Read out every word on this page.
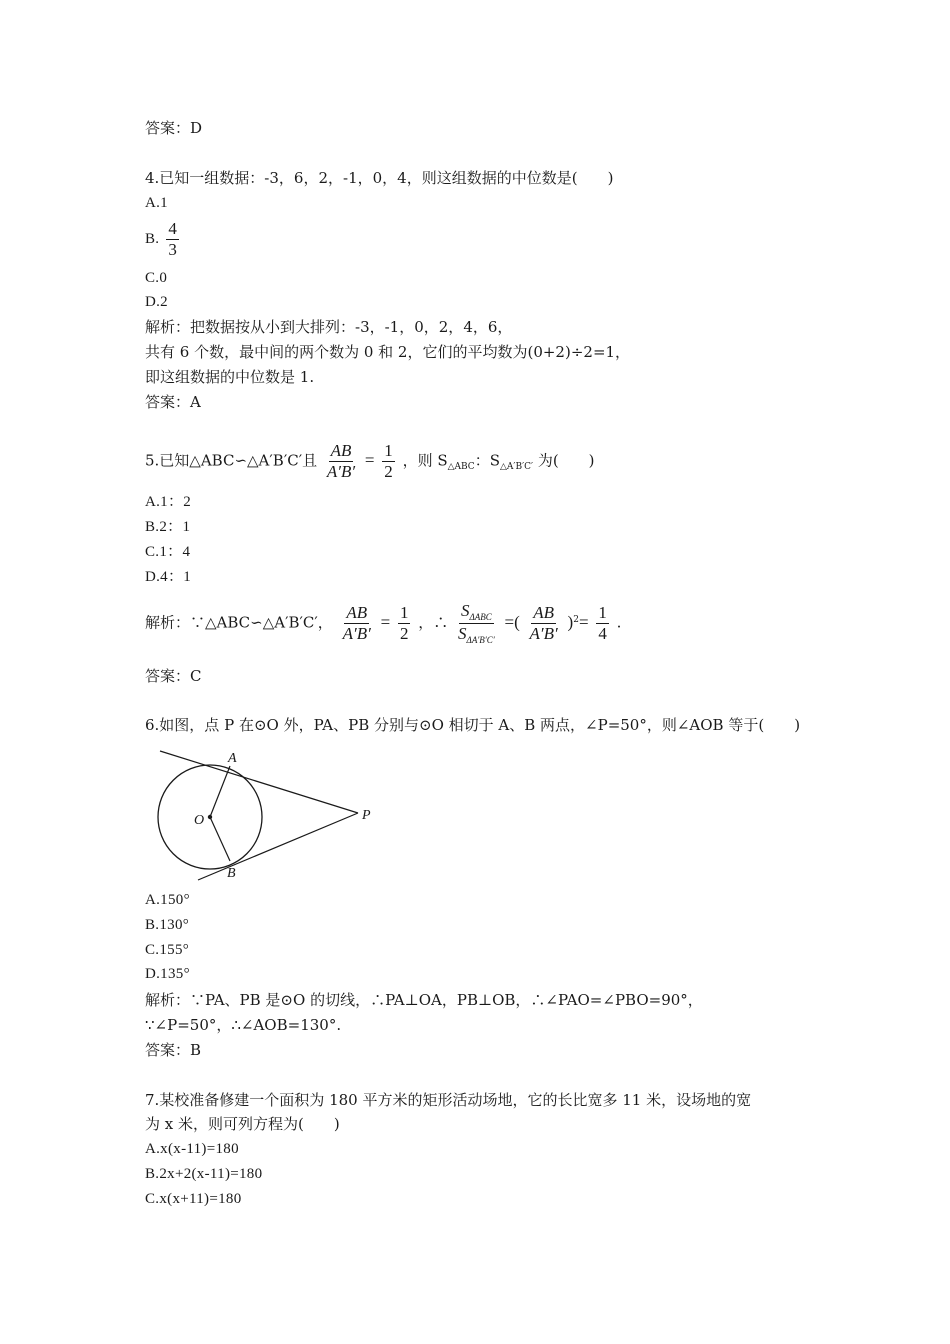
答案：D
4.已知一组数据：-3，6，2，-1，0，4，则这组数据的中位数是(　　)
A.1
B. $\frac{4}{3}$
C.0
D.2
解析：把数据按从小到大排列：-3，-1，0，2，4，6，
共有 6 个数，最中间的两个数为 0 和 2，它们的平均数为(0+2)÷2=1，
即这组数据的中位数是 1.
答案：A
5.已知△ABC∽△A′B′C′且 $\frac{AB}{A'B'} = \frac{1}{2}$ ，则 $S_{\triangle ABC}$：$S_{\triangle A'B'C'}$ 为(　　)
A.1：2
B.2：1
C.1：4
D.4：1
解析：∵△ABC∽△A′B′C′， $\frac{AB}{A'B'} = \frac{1}{2}$ ，∴ $\frac{S_{\Delta ABC}}{S_{\Delta A'B'C'}}$ =( $\frac{AB}{A'B'} )^2= \frac{1}{4}$ .
答案：C
6.如图，点 P 在⊙O 外，PA、PB 分别与⊙O 相切于 A、B 两点，∠P=50°，则∠AOB 等于(　　)
A
O
B
P
A.150°
B.130°
C.155°
D.135°
解析：∵PA、PB 是⊙O 的切线，∴PA⊥OA，PB⊥OB，∴∠PAO=∠PBO=90°，
∵∠P=50°，∴∠AOB=130°.
答案：B
7.某校准备修建一个面积为 180 平方米的矩形活动场地，它的长比宽多 11 米，设场地的宽
为 x 米，则可列方程为(　　)
A.x(x-11)=180
B.2x+2(x-11)=180
C.x(x+11)=180
